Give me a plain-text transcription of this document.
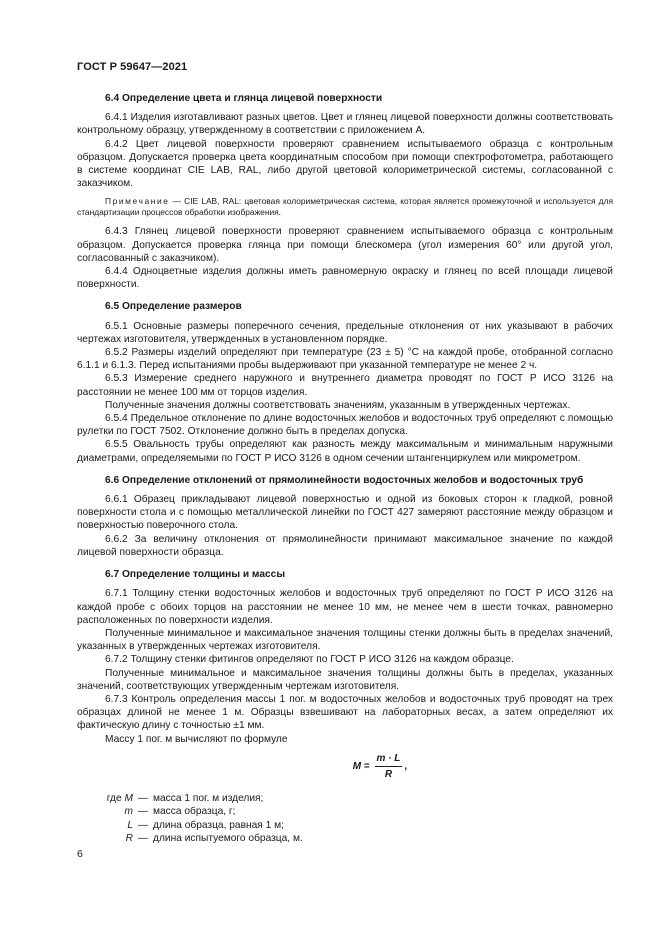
ГОСТ Р 59647—2021
6.4 Определение цвета и глянца лицевой поверхности
6.4.1 Изделия изготавливают разных цветов. Цвет и глянец лицевой поверхности должны соответствовать контрольному образцу, утвержденному в соответствии с приложением А.
6.4.2 Цвет лицевой поверхности проверяют сравнением испытываемого образца с контрольным образцом. Допускается проверка цвета координатным способом при помощи спектрофотометра, работающего в системе координат CIE LAB, RAL, либо другой цветовой колориметрической системы, согласованной с заказчиком.
Примечание — CIE LAB, RAL: цветовая колориметрическая система, которая является промежуточной и используется для стандартизации процессов обработки изображения.
6.4.3 Глянец лицевой поверхности проверяют сравнением испытываемого образца с контрольным образцом. Допускается проверка глянца при помощи блескомера (угол измерения 60° или другой угол, согласованный с заказчиком).
6.4.4 Одноцветные изделия должны иметь равномерную окраску и глянец по всей площади лицевой поверхности.
6.5 Определение размеров
6.5.1 Основные размеры поперечного сечения, предельные отклонения от них указывают в рабочих чертежах изготовителя, утвержденных в установленном порядке.
6.5.2 Размеры изделий определяют при температуре (23 ± 5) °С на каждой пробе, отобранной согласно 6.1.1 и 6.1.3. Перед испытаниями пробы выдерживают при указанной температуре не менее 2 ч.
6.5.3 Измерение среднего наружного и внутреннего диаметра проводят по ГОСТ Р ИСО 3126 на расстоянии не менее 100 мм от торцов изделия.
Полученные значения должны соответствовать значениям, указанным в утвержденных чертежах.
6.5.4 Предельное отклонение по длине водосточных желобов и водосточных труб определяют с помощью рулетки по ГОСТ 7502. Отклонение должно быть в пределах допуска.
6.5.5 Овальность трубы определяют как разность между максимальным и минимальным наружными диаметрами, определяемыми по ГОСТ Р ИСО 3126 в одном сечении штангенциркулем или микрометром.
6.6 Определение отклонений от прямолинейности водосточных желобов и водосточных труб
6.6.1 Образец прикладывают лицевой поверхностью и одной из боковых сторон к гладкой, ровной поверхности стола и с помощью металлической линейки по ГОСТ 427 замеряют расстояние между образцом и поверхностью поверочного стола.
6.6.2 За величину отклонения от прямолинейности принимают максимальное значение по каждой лицевой поверхности образца.
6.7 Определение толщины и массы
6.7.1 Толщину стенки водосточных желобов и водосточных труб определяют по ГОСТ Р ИСО 3126 на каждой пробе с обоих торцов на расстоянии не менее 10 мм, не менее чем в шести точках, равномерно расположенных по поверхности изделия.
Полученные минимальное и максимальное значения толщины стенки должны быть в пределах значений, указанных в утвержденных чертежах изготовителя.
6.7.2 Толщину стенки фитингов определяют по ГОСТ Р ИСО 3126 на каждом образце.
Полученные минимальное и максимальное значения толщины должны быть в пределах, указанных значений, соответствующих утвержденным чертежам изготовителя.
6.7.3 Контроль определения массы 1 пог. м водосточных желобов и водосточных труб проводят на трех образцах длиной не менее 1 м. Образцы взвешивают на лабораторных весах, а затем определяют их фактическую длину с точностью ±1 мм.
Массу 1 пог. м вычисляют по формуле
$M = \frac{m \cdot L}{R}$ ,
где M — масса 1 пог. м изделия;
m — масса образца, г;
L — длина образца, равная 1 м;
R — длина испытуемого образца, м.
6
